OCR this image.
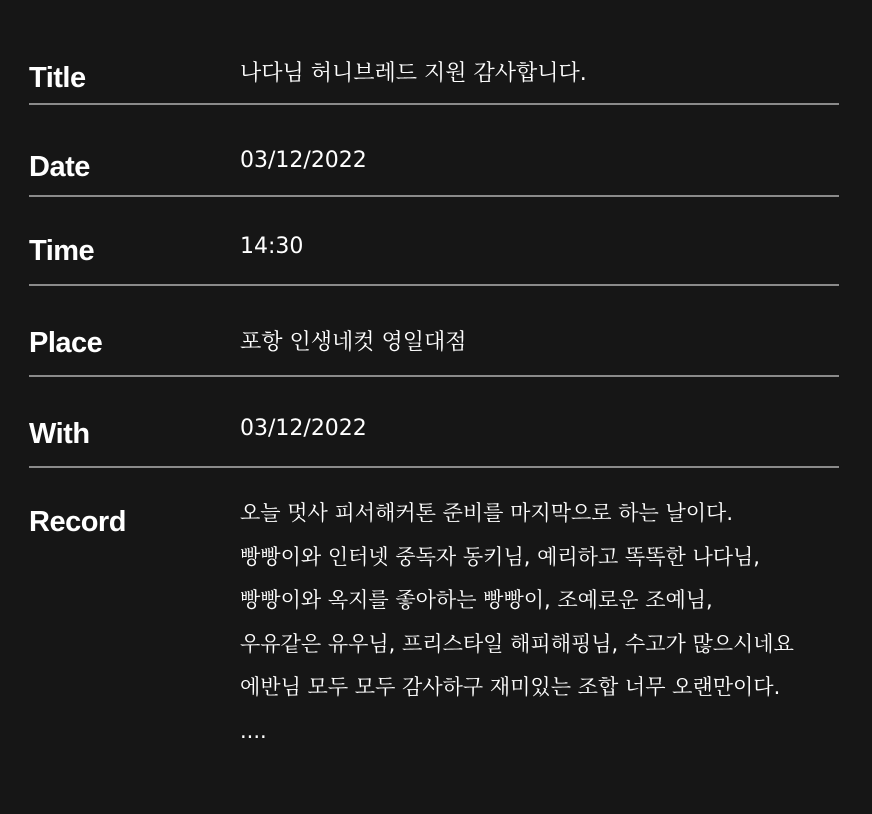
Title	나다님 허니브레드 지원 감사합니다.
Date	03/12/2022
Time	14:30
Place	포항 인생네컷 영일대점
With	03/12/2022
Record	오늘 멋사 피서해커톤 준비를 마지막으로 하는 날이다. 빵빵이와 인터넷 중독자 동키님, 예리하고 똑똑한 나다님, 빵빵이와 옥지를 좋아하는 빵빵이, 조예로운 조예님, 우유같은 유우님, 프리스타일 해피해핑님, 수고가 많으시네요 에반님 모두 모두 감사하구 재미있는 조합 너무 오랜만이다. ....
